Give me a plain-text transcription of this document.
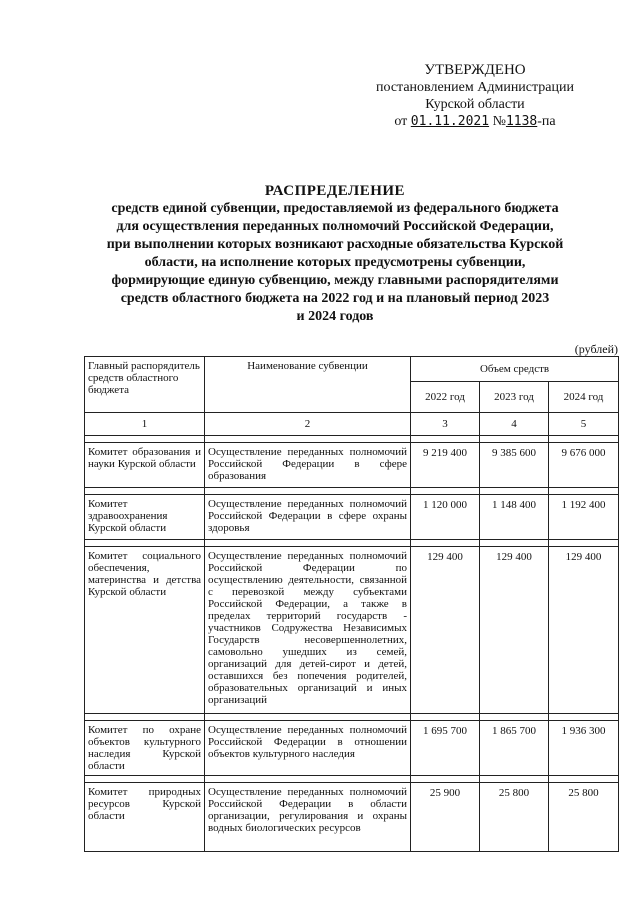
УТВЕРЖДЕНО
постановлением Администрации
Курской области
от 01.11.2021 №1138-па
РАСПРЕДЕЛЕНИЕ
средств единой субвенции, предоставляемой из федерального бюджета
для осуществления переданных полномочий Российской Федерации,
при выполнении которых возникают расходные обязательства Курской
области, на исполнение которых предусмотрены субвенции,
формирующие единую субвенцию, между главными распорядителями
средств областного бюджета на 2022 год и на плановый период 2023
и 2024 годов
(рублей)
Главный распорядитель средств областного бюджета	Наименование субвенции	Объем средств		
		2022 год	2023 год	2024 год
1	2	3	4	5

Комитет образования и науки Курской области	Осуществление переданных полномочий Российской Федерации в сфере образования	9 219 400	9 385 600	9 676 000

Комитет здравоохранения Курской области	Осуществление переданных полномочий Российской Федерации в сфере охраны здоровья	1 120 000	1 148 400	1 192 400

Комитет социального обеспечения, материнства и детства Курской области	Осуществление переданных полномочий Российской Федерации по осуществлению деятельности, связанной с перевозкой между субъектами Российской Федерации, а также в пределах территорий государств - участников Содружества Независимых Государств несовершеннолетних, самовольно ушедших из семей, организаций для детей-сирот и детей, оставшихся без попечения родителей, образовательных организаций и иных организаций	129 400	129 400	129 400

Комитет по охране объектов культурного наследия Курской области	Осуществление переданных полномочий Российской Федерации в отношении объектов культурного наследия	1 695 700	1 865 700	1 936 300

Комитет природных ресурсов Курской области	Осуществление переданных полномочий Российской Федерации в области организации, регулирования и охраны водных биологических ресурсов	25 900	25 800	25 800
